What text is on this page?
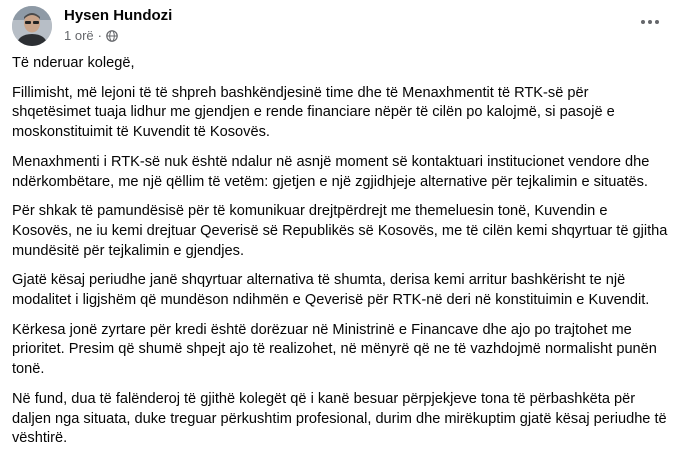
Hysen Hundozi
1 orë ·

Të nderuar kolegë,

Fillimisht, më lejoni të të shpreh bashkëndjesinë time dhe të Menaxhmentit të RTK-së për shqetësimet tuaja lidhur me gjendjen e rende financiare nëpër të cilën po kalojmë, si pasojë e moskonstituimit të Kuvendit të Kosovës.

Menaxhmenti i RTK-së nuk është ndalur në asnjë moment së kontaktuari institucionet vendore dhe ndërkombëtare, me një qëllim të vetëm: gjetjen e një zgjidhjeje alternative për tejkalimin e situatës.

Për shkak të pamundësisë për të komunikuar drejtpërdrejt me themeluesin tonë, Kuvendin e Kosovës, ne iu kemi drejtuar Qeverisë së Republikës së Kosovës, me të cilën kemi shqyrtuar të gjitha mundësitë për tejkalimin e gjendjes.

Gjatë kësaj periudhe janë shqyrtuar alternativa të shumta, derisa kemi arritur bashkërisht te një modalitet i ligjshëm që mundëson ndihmën e Qeverisë për RTK-në deri në konstituimin e Kuvendit.

Kërkesa jonë zyrtare për kredi është dorëzuar në Ministrinë e Financave dhe ajo po trajtohet me prioritet. Presim që shumë shpejt ajo të realizohet, në mënyrë që ne të vazhdojmë normalisht punën tonë.

Në fund, dua të falënderoj të gjithë kolegët që i kanë besuar përpjekjeve tona të përbashkëta për daljen nga situata, duke treguar përkushtim profesional, durim dhe mirëkuptim gjatë kësaj periudhe të vështirë.
